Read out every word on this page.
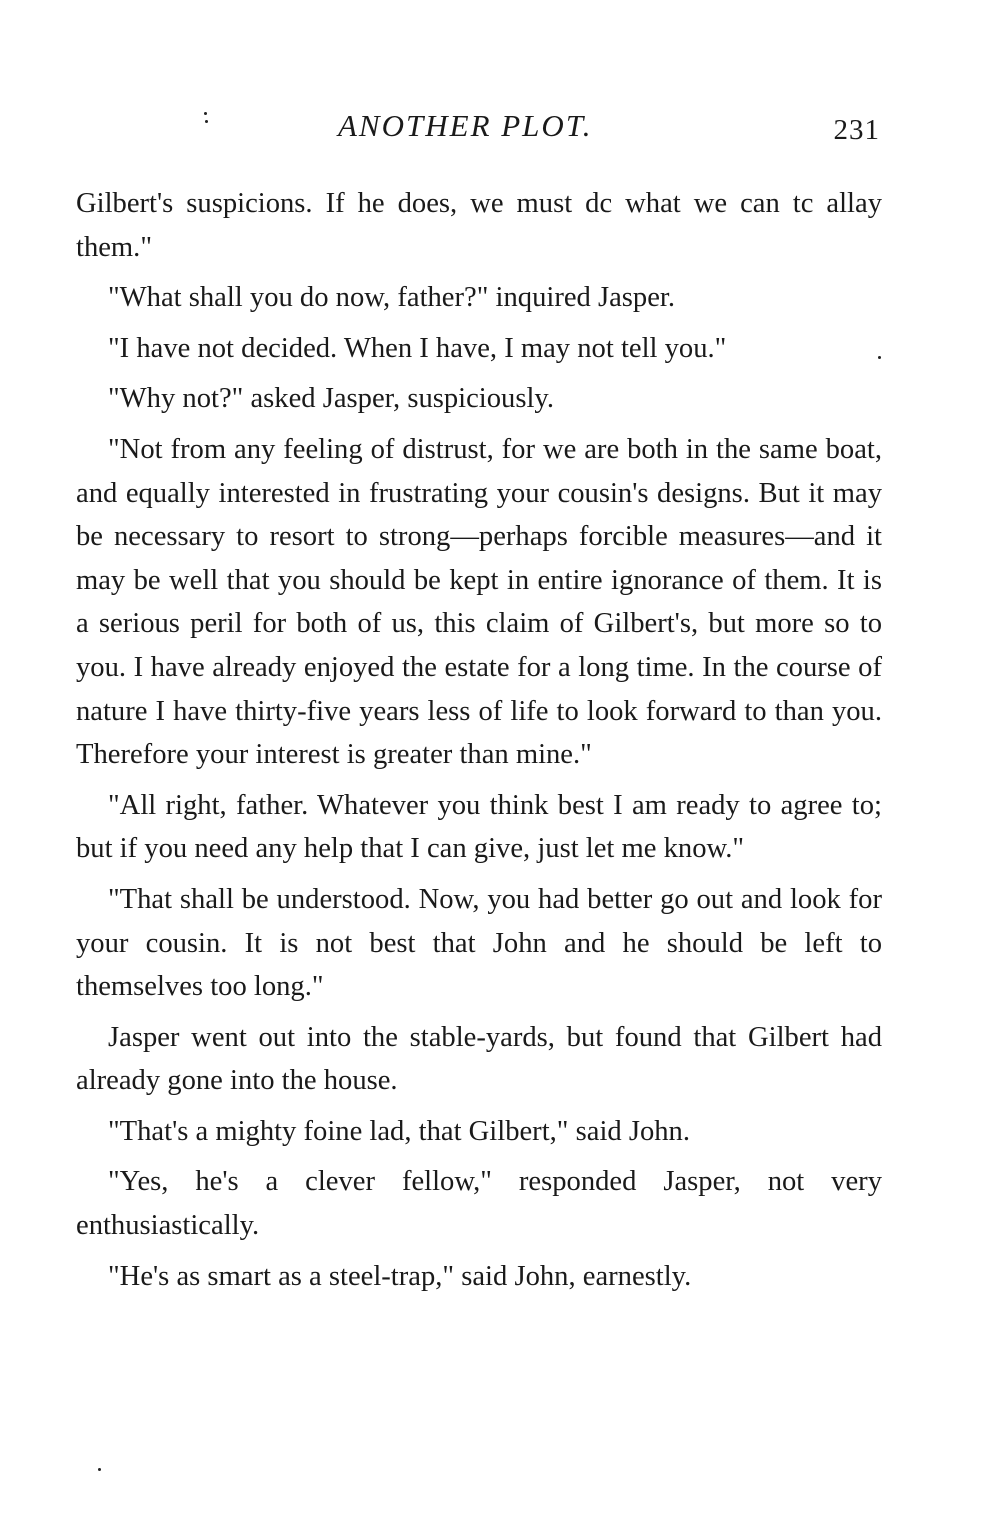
ANOTHER PLOT.	231

Gilbert's suspicions. If he does, we must dc what we can tc allay them."

"What shall you do now, father?" inquired Jasper.

"I have not decided. When I have, I may not tell you."

"Why not?" asked Jasper, suspiciously.

"Not from any feeling of distrust, for we are both in the same boat, and equally interested in frustrating your cousin's designs. But it may be necessary to resort to strong—perhaps forcible measures—and it may be well that you should be kept in entire ignorance of them. It is a serious peril for both of us, this claim of Gilbert's, but more so to you. I have already enjoyed the estate for a long time. In the course of nature I have thirty-five years less of life to look forward to than you. Therefore your interest is greater than mine."

"All right, father. Whatever you think best I am ready to agree to; but if you need any help that I can give, just let me know."

"That shall be understood. Now, you had better go out and look for your cousin. It is not best that John and he should be left to themselves too long."

Jasper went out into the stable-yards, but found that Gilbert had already gone into the house.

"That's a mighty foine lad, that Gilbert," said John.

"Yes, he's a clever fellow," responded Jasper, not very enthusiastically.

"He's as smart as a steel-trap," said John, earnestly.
